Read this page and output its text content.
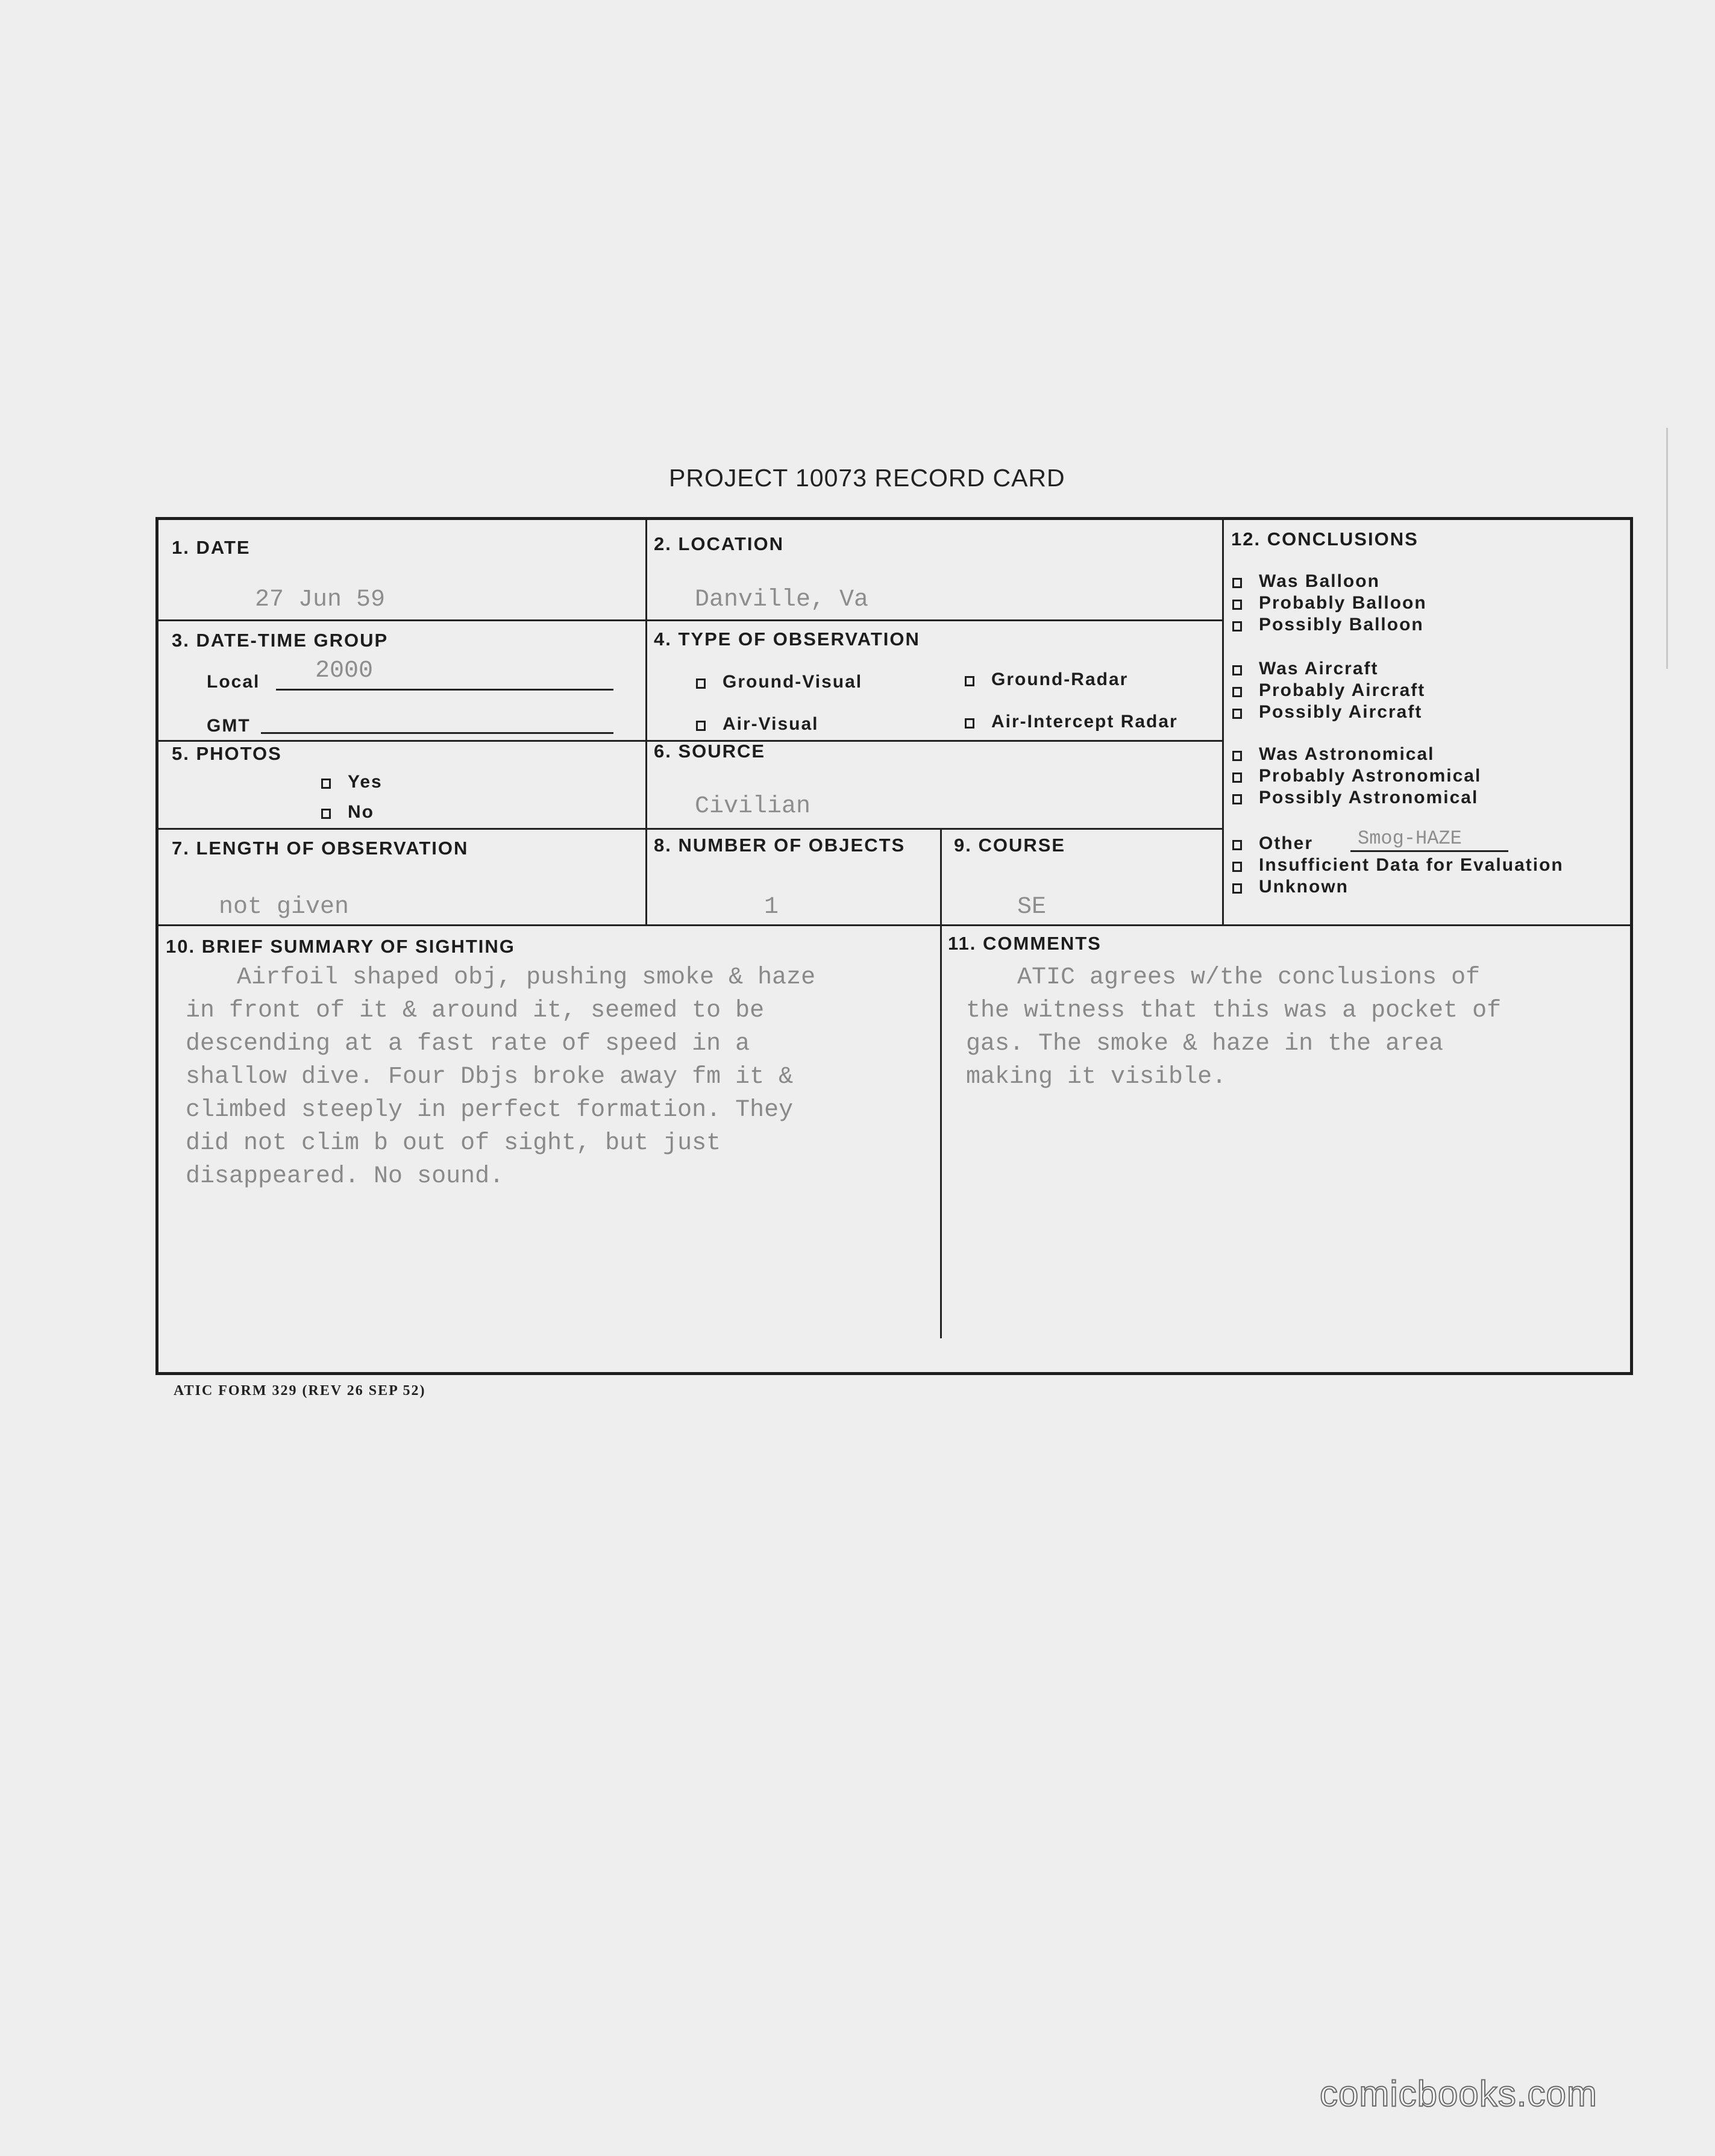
PROJECT 10073 RECORD CARD
1. DATE
27 Jun 59
2. LOCATION
Danville, Va
3. DATE-TIME GROUP
Local 2000
GMT
4. TYPE OF OBSERVATION
Ground-Visual	Ground-Radar
Air-Visual	Air-Intercept Radar
5. PHOTOS
Yes
No
6. SOURCE
Civilian
7. LENGTH OF OBSERVATION
not given
8. NUMBER OF OBJECTS
1
9. COURSE
SE
10. BRIEF SUMMARY OF SIGHTING
Airfoil shaped obj, pushing smoke & haze
in front of it & around it, seemed to be
descending at a fast rate of speed in a
shallow dive. Four Dbjs broke away fm it &
climbed steeply in perfect formation. They
did not clim b out of sight, but just
disappeared. No sound.
11. COMMENTS
ATIC agrees w/the conclusions of
the witness that this was a pocket of
gas. The smoke & haze in the area
making it visible.
12. CONCLUSIONS
Was Balloon
Probably Balloon
Possibly Balloon
Was Aircraft
Probably Aircraft
Possibly Aircraft
Was Astronomical
Probably Astronomical
Possibly Astronomical
Other Smog-HAZE
Insufficient Data for Evaluation
Unknown
ATIC FORM 329 (REV 26 SEP 52)
comicbooks.com
